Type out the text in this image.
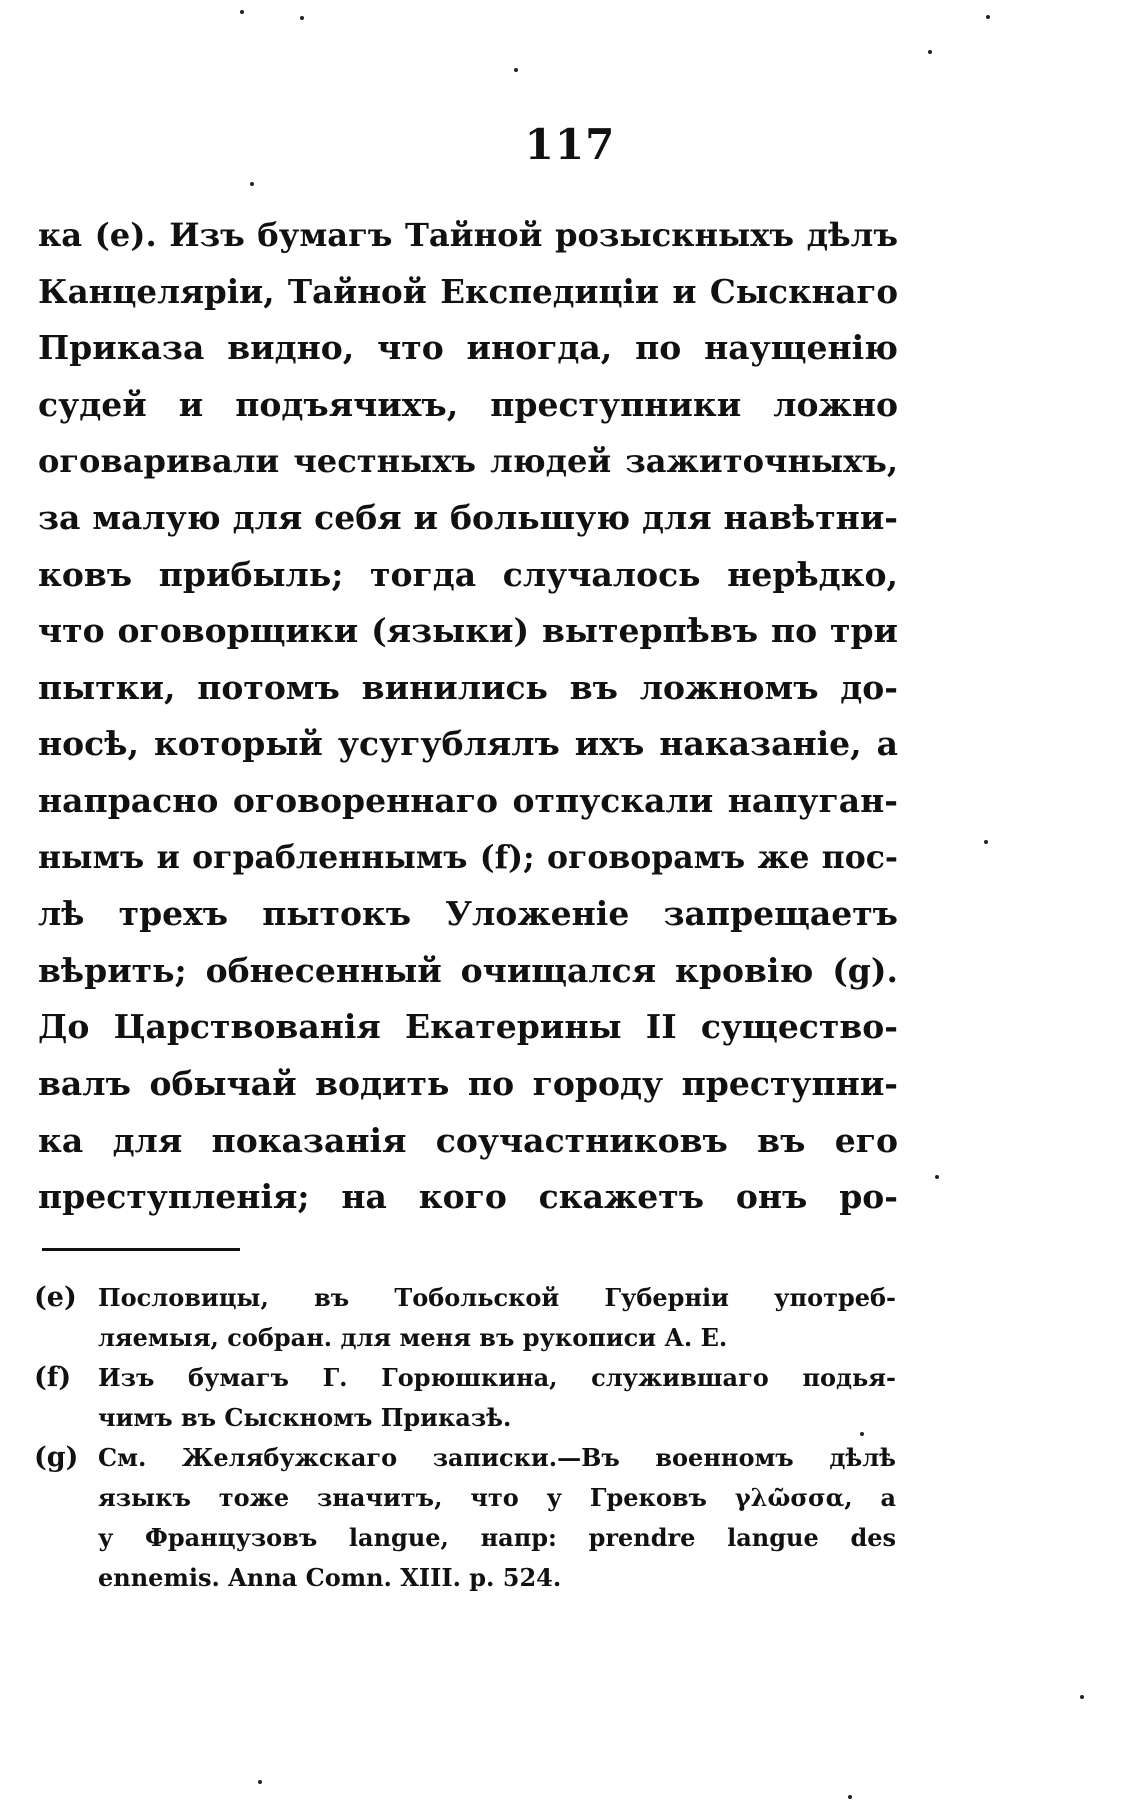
117
ка (е). Изъ бумагъ Тайной розыскныхъ дѣлъ
Канцеляріи, Тайной Експедиціи и Сыскнаго
Приказа видно, что иногда, по наущенію
судей и подъячихъ, преступники ложно
оговаривали честныхъ людей зажиточныхъ,
за малую для себя и большую для навѣтни-
ковъ прибыль; тогда случалось нерѣдко,
что оговорщики (языки) вытерпѣвъ по три
пытки, потомъ винились въ ложномъ до-
носѣ, который усугублялъ ихъ наказаніе, а
напрасно оговореннаго отпускали напуган-
нымъ и ограбленнымъ (f); оговорамъ же пос-
лѣ трехъ пытокъ Уложеніе запрещаетъ
вѣрить; обнесенный очищался кровію (g).
До Царствованія Екатерины II существо-
валъ обычай водить по городу преступни-
ка для показанія соучастниковъ въ его
преступленія; на кого скажетъ онъ ро-
(e) Пословицы, въ Тобольской Губерніи употреб-
ляемыя, собран. для меня въ рукописи А. Е.
(f)	Изъ бумагъ Г. Горюшкина, служившаго подья-
чимъ въ Сыскномъ Приказѣ.
(g) См. Желябужскаго записки.—Въ военномъ дѣлѣ
языкъ тоже значитъ, что у Грековъ γλῶσσα, а
у Французовъ langue, напр: prendre langue des
ennemis. Anna Comn. XIII. p. 524.
